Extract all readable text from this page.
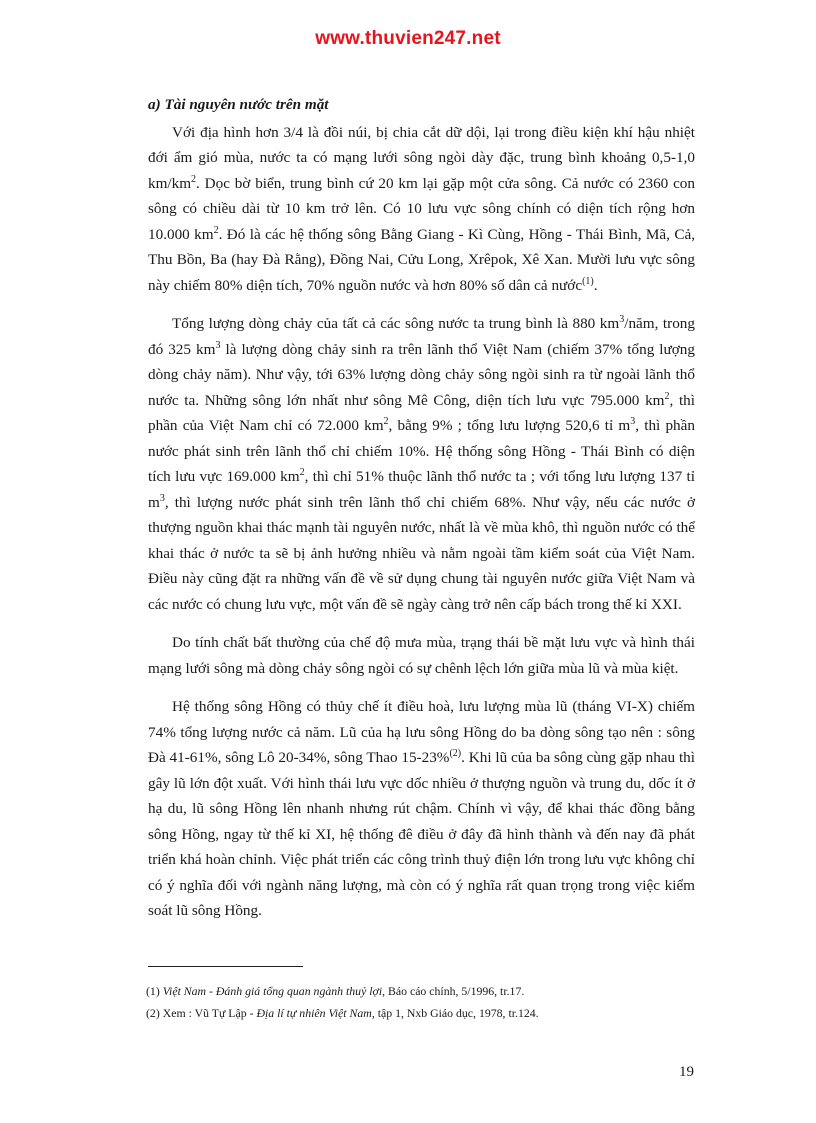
www.thuvien247.net
a) Tài nguyên nước trên mặt

Với địa hình hơn 3/4 là đồi núi, bị chia cắt dữ dội, lại trong điều kiện khí hậu nhiệt đới ẩm gió mùa, nước ta có mạng lưới sông ngòi dày đặc, trung bình khoảng 0,5-1,0 $km/km^2$. Dọc bờ biển, trung bình cứ 20 km lại gặp một cửa sông. Cả nước có 2360 con sông có chiều dài từ 10 km trở lên. Có 10 lưu vực sông chính có diện tích rộng hơn 10.000 $km^2$. Đó là các hệ thống sông Bằng Giang - Kì Cùng, Hồng - Thái Bình, Mã, Cả, Thu Bồn, Ba (hay Đà Rằng), Đồng Nai, Cửu Long, Xrêpok, Xê Xan. Mười lưu vực sông này chiếm 80% diện tích, 70% nguồn nước và hơn 80% số dân cả nước$^{(1)}$.

Tổng lượng dòng chảy của tất cả các sông nước ta trung bình là 880 $km^3$/năm, trong đó 325 $km^3$ là lượng dòng chảy sinh ra trên lãnh thổ Việt Nam (chiếm 37% tổng lượng dòng chảy năm). Như vậy, tới 63% lượng dòng chảy sông ngòi sinh ra từ ngoài lãnh thổ nước ta. Những sông lớn nhất như sông Mê Công, diện tích lưu vực 795.000 $km^2$, thì phần của Việt Nam chỉ có 72.000 $km^2$, bằng 9% ; tổng lưu lượng 520,6 tỉ $m^3$, thì phần nước phát sinh trên lãnh thổ chỉ chiếm 10%. Hệ thống sông Hồng - Thái Bình có diện tích lưu vực 169.000 $km^2$, thì chỉ 51% thuộc lãnh thổ nước ta ; với tổng lưu lượng 137 tỉ $m^3$, thì lượng nước phát sinh trên lãnh thổ chỉ chiếm 68%. Như vậy, nếu các nước ở thượng nguồn khai thác mạnh tài nguyên nước, nhất là về mùa khô, thì nguồn nước có thể khai thác ở nước ta sẽ bị ảnh hưởng nhiều và nằm ngoài tầm kiểm soát của Việt Nam. Điều này cũng đặt ra những vấn đề về sử dụng chung tài nguyên nước giữa Việt Nam và các nước có chung lưu vực, một vấn đề sẽ ngày càng trở nên cấp bách trong thế kỉ XXI.

Do tính chất bất thường của chế độ mưa mùa, trạng thái bề mặt lưu vực và hình thái mạng lưới sông mà dòng chảy sông ngòi có sự chênh lệch lớn giữa mùa lũ và mùa kiệt.

Hệ thống sông Hồng có thủy chế ít điều hoà, lưu lượng mùa lũ (tháng VI-X) chiếm 74% tổng lượng nước cả năm. Lũ của hạ lưu sông Hồng do ba dòng sông tạo nên : sông Đà 41-61%, sông Lô 20-34%, sông Thao 15-23%$^{(2)}$. Khi lũ của ba sông cùng gặp nhau thì gây lũ lớn đột xuất. Với hình thái lưu vực dốc nhiều ở thượng nguồn và trung du, dốc ít ở hạ du, lũ sông Hồng lên nhanh nhưng rút chậm. Chính vì vậy, để khai thác đồng bằng sông Hồng, ngay từ thế kỉ XI, hệ thống đê điều ở đây đã hình thành và đến nay đã phát triển khá hoàn chỉnh. Việc phát triển các công trình thuỷ điện lớn trong lưu vực không chỉ có ý nghĩa đối với ngành năng lượng, mà còn có ý nghĩa rất quan trọng trong việc kiểm soát lũ sông Hồng.

(1) Việt Nam - Đánh giá tổng quan ngành thuỷ lợi, Báo cáo chính, 5/1996, tr.17.

(2) Xem : Vũ Tự Lập - Địa lí tự nhiên Việt Nam, tập 1, Nxb Giáo dục, 1978, tr.124.

19
